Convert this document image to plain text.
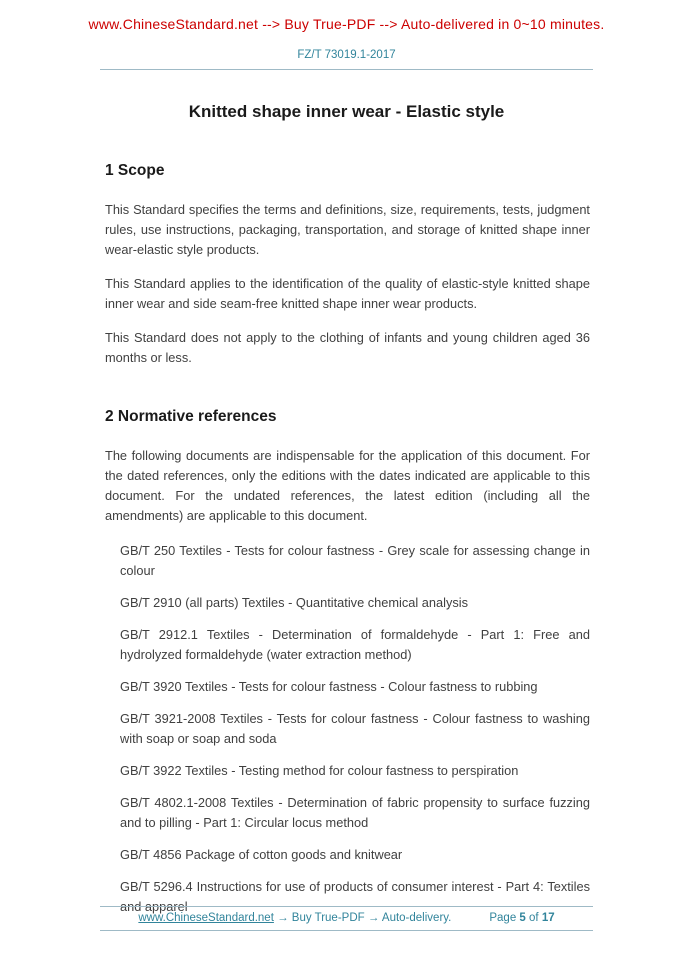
www.ChineseStandard.net --> Buy True-PDF --> Auto-delivered in 0~10 minutes.
FZ/T 73019.1-2017
Knitted shape inner wear - Elastic style
1 Scope

This Standard specifies the terms and definitions, size, requirements, tests, judgment rules, use instructions, packaging, transportation, and storage of knitted shape inner wear-elastic style products.

This Standard applies to the identification of the quality of elastic-style knitted shape inner wear and side seam-free knitted shape inner wear products.

This Standard does not apply to the clothing of infants and young children aged 36 months or less.

2 Normative references

The following documents are indispensable for the application of this document. For the dated references, only the editions with the dates indicated are applicable to this document. For the undated references, the latest edition (including all the amendments) are applicable to this document.

GB/T 250 Textiles - Tests for colour fastness - Grey scale for assessing change in colour

GB/T 2910 (all parts) Textiles - Quantitative chemical analysis

GB/T 2912.1 Textiles - Determination of formaldehyde - Part 1: Free and hydrolyzed formaldehyde (water extraction method)

GB/T 3920 Textiles - Tests for colour fastness - Colour fastness to rubbing

GB/T 3921-2008 Textiles - Tests for colour fastness - Colour fastness to washing with soap or soap and soda

GB/T 3922 Textiles - Testing method for colour fastness to perspiration

GB/T 4802.1-2008 Textiles - Determination of fabric propensity to surface fuzzing and to pilling - Part 1: Circular locus method

GB/T 4856 Package of cotton goods and knitwear

GB/T 5296.4 Instructions for use of products of consumer interest - Part 4: Textiles and apparel

www.ChineseStandard.net → Buy True-PDF → Auto-delivery.	Page 5 of 17
